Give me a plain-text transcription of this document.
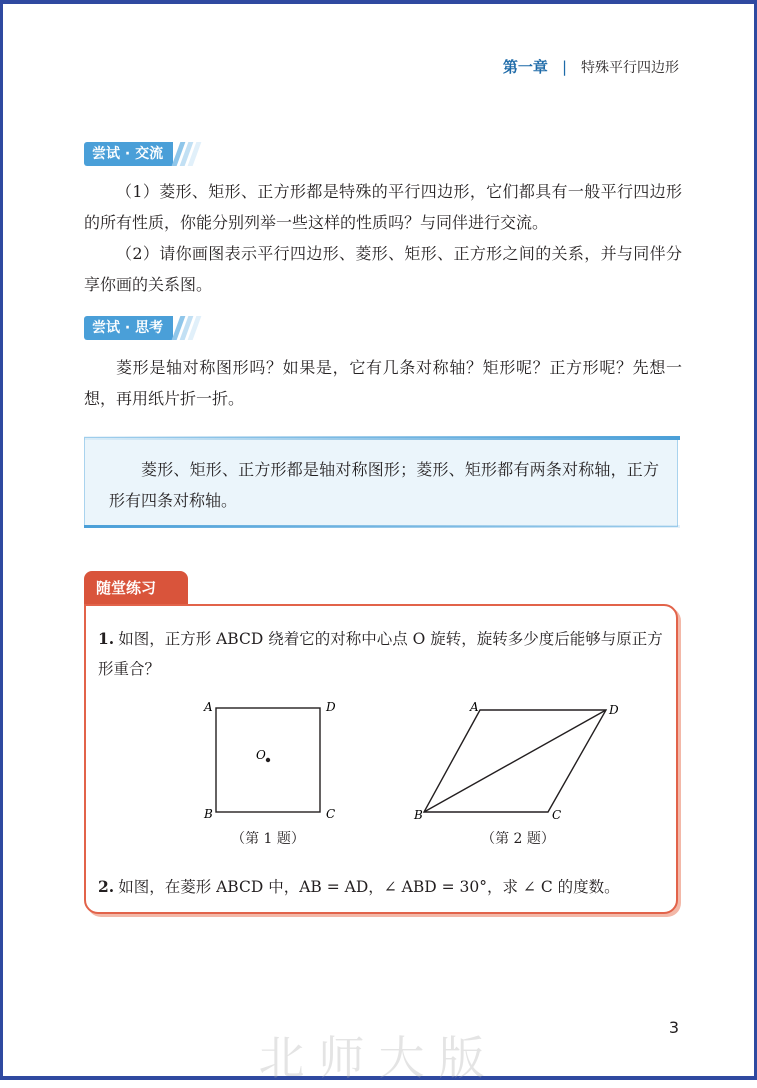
第一章 | 特殊平行四边形
尝试 · 交流
（1）菱形、矩形、正方形都是特殊的平行四边形，它们都具有一般平行四边形的所有性质，你能分别列举一些这样的性质吗？与同伴进行交流。
（2）请你画图表示平行四边形、菱形、矩形、正方形之间的关系，并与同伴分享你画的关系图。
尝试 · 思考
菱形是轴对称图形吗？如果是，它有几条对称轴？矩形呢？正方形呢？先想一想，再用纸片折一折。
菱形、矩形、正方形都是轴对称图形；菱形、矩形都有两条对称轴，正方形有四条对称轴。
随堂练习
1. 如图，正方形 ABCD 绕着它的对称中心点 O 旋转，旋转多少度后能够与原正方形重合？
A	D
B	C
O
（第 1 题）
A	D
B	C
（第 2 题）
2. 如图，在菱形 ABCD 中，AB = AD，∠ ABD = 30°，求 ∠ C 的度数。
3
北师大版
